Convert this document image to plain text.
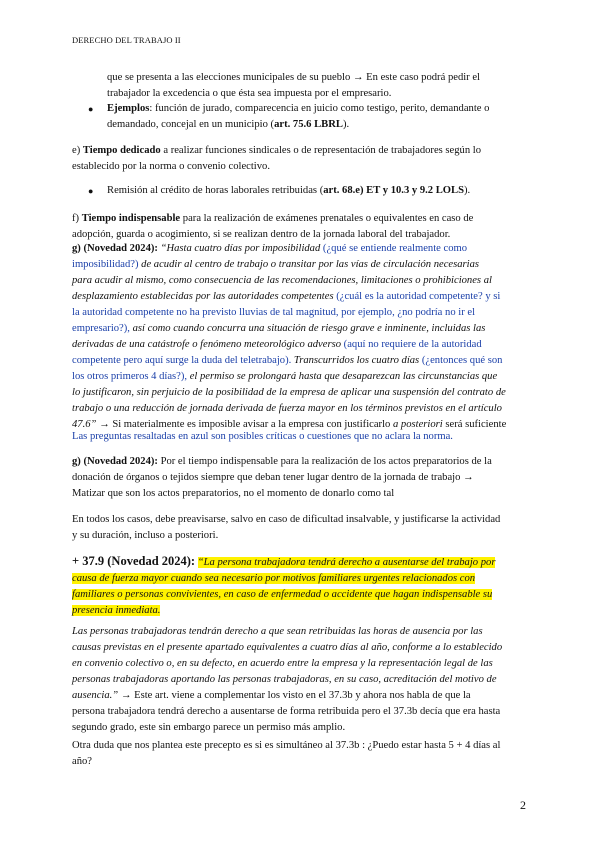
DERECHO DEL TRABAJO II
que se presenta a las elecciones municipales de su pueblo → En este caso podrá pedir el
trabajador la excedencia o que ésta sea impuesta por el empresario.
● Ejemplos: función de jurado, comparecencia en juicio como testigo, perito, demandante o
demandado, concejal en un municipio (art. 75.6 LBRL).
e) Tiempo dedicado a realizar funciones sindicales o de representación de trabajadores según lo
establecido por la norma o convenio colectivo.
● Remisión al crédito de horas laborales retribuidas (art. 68.e) ET y 10.3 y 9.2 LOLS).
f) Tiempo indispensable para la realización de exámenes prenatales o equivalentes en caso de
adopción, guarda o acogimiento, si se realizan dentro de la jornada laboral del trabajador.
g) (Novedad 2024): “Hasta cuatro días por imposibilidad (¿qué se entiende realmente como
imposibilidad?) de acudir al centro de trabajo o transitar por las vías de circulación necesarias
para acudir al mismo, como consecuencia de las recomendaciones, limitaciones o prohibiciones al
desplazamiento establecidas por las autoridades competentes (¿cuál es la autoridad competente? y si
la autoridad competente no ha previsto lluvias de tal magnitud, por ejemplo, ¿no podría no ir el
empresario?), así como cuando concurra una situación de riesgo grave e inminente, incluidas las
derivadas de una catástrofe o fenómeno meteorológico adverso (aquí no requiere de la autoridad
competente pero aquí surge la duda del teletrabajo). Transcurridos los cuatro días (¿entonces qué son
los otros primeros 4 días?), el permiso se prolongará hasta que desaparezcan las circunstancias que
lo justificaron, sin perjuicio de la posibilidad de la empresa de aplicar una suspensión del contrato de
trabajo o una reducción de jornada derivada de fuerza mayor en los términos previstos en el artículo
47.6” → Si materialmente es imposible avisar a la empresa con justificarlo a posteriori será suficiente
Las preguntas resaltadas en azul son posibles críticas o cuestiones que no aclara la norma.
g) (Novedad 2024): Por el tiempo indispensable para la realización de los actos preparatorios de la
donación de órganos o tejidos siempre que deban tener lugar dentro de la jornada de trabajo →
Matizar que son los actos preparatorios, no el momento de donarlo como tal
En todos los casos, debe preavisarse, salvo en caso de dificultad insalvable, y justificarse la actividad
y su duración, incluso a posteriori.
+ 37.9 (Novedad 2024): “La persona trabajadora tendrá derecho a ausentarse del trabajo por
causa de fuerza mayor cuando sea necesario por motivos familiares urgentes relacionados con
familiares o personas convivientes, en caso de enfermedad o accidente que hagan indispensable su
presencia inmediata.
Las personas trabajadoras tendrán derecho a que sean retribuidas las horas de ausencia por las
causas previstas en el presente apartado equivalentes a cuatro días al año, conforme a lo establecido
en convenio colectivo o, en su defecto, en acuerdo entre la empresa y la representación legal de las
personas trabajadoras aportando las personas trabajadoras, en su caso, acreditación del motivo de
ausencia.” → Este art. viene a complementar los visto en el 37.3b y ahora nos habla de que la
persona trabajadora tendrá derecho a ausentarse de forma retribuida pero el 37.3b decía que era hasta
segundo grado, este sin embargo parece un permiso más amplio.
Otra duda que nos plantea este precepto es si es simultáneo al 37.3b : ¿Puedo estar hasta 5 + 4 días al
año?
2
